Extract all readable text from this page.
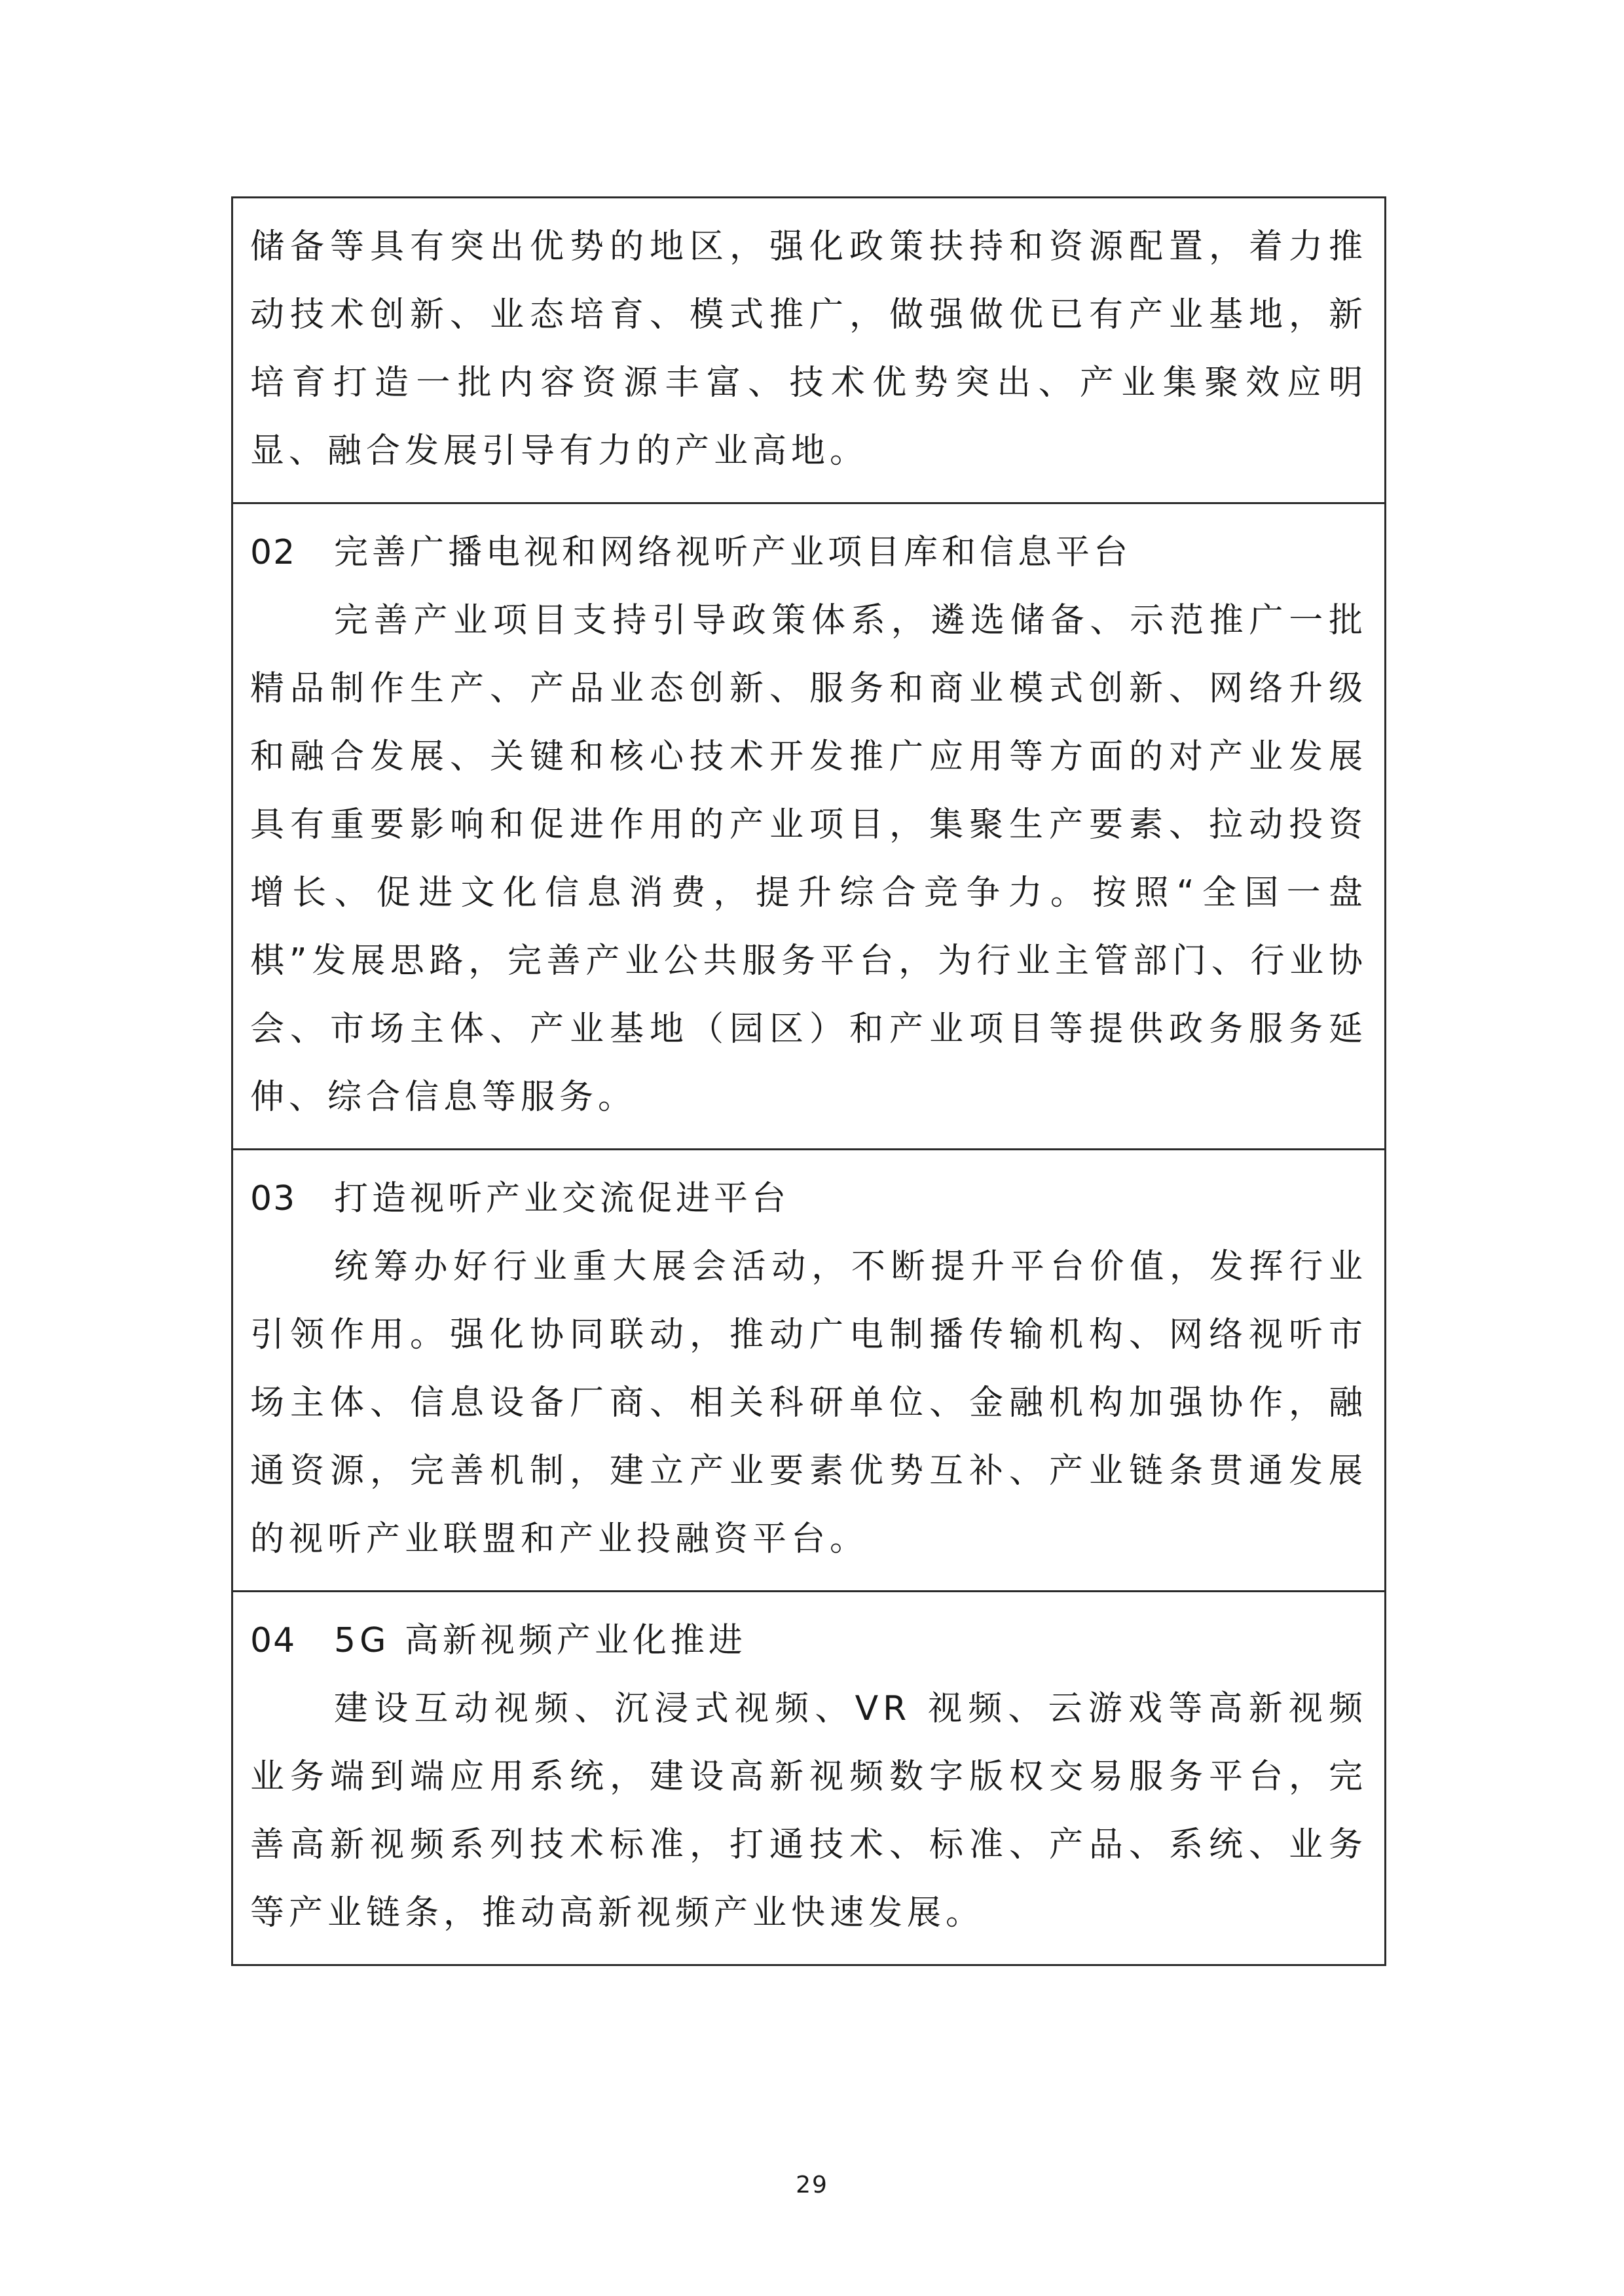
储备等具有突出优势的地区，强化政策扶持和资源配置，着力推动技术创新、业态培育、模式推广，做强做优已有产业基地，新培育打造一批内容资源丰富、技术优势突出、产业集聚效应明显、融合发展引导有力的产业高地。

02 完善广播电视和网络视听产业项目库和信息平台

完善产业项目支持引导政策体系，遴选储备、示范推广一批精品制作生产、产品业态创新、服务和商业模式创新、网络升级和融合发展、关键和核心技术开发推广应用等方面的对产业发展具有重要影响和促进作用的产业项目，集聚生产要素、拉动投资增长、促进文化信息消费，提升综合竞争力。按照“全国一盘棋”发展思路，完善产业公共服务平台，为行业主管部门、行业协会、市场主体、产业基地（园区）和产业项目等提供政务服务延伸、综合信息等服务。

03 打造视听产业交流促进平台

统筹办好行业重大展会活动，不断提升平台价值，发挥行业引领作用。强化协同联动，推动广电制播传输机构、网络视听市场主体、信息设备厂商、相关科研单位、金融机构加强协作，融通资源，完善机制，建立产业要素优势互补、产业链条贯通发展的视听产业联盟和产业投融资平台。

04 5G 高新视频产业化推进

建设互动视频、沉浸式视频、VR 视频、云游戏等高新视频业务端到端应用系统，建设高新视频数字版权交易服务平台，完善高新视频系列技术标准，打通技术、标准、产品、系统、业务等产业链条，推动高新视频产业快速发展。

29
